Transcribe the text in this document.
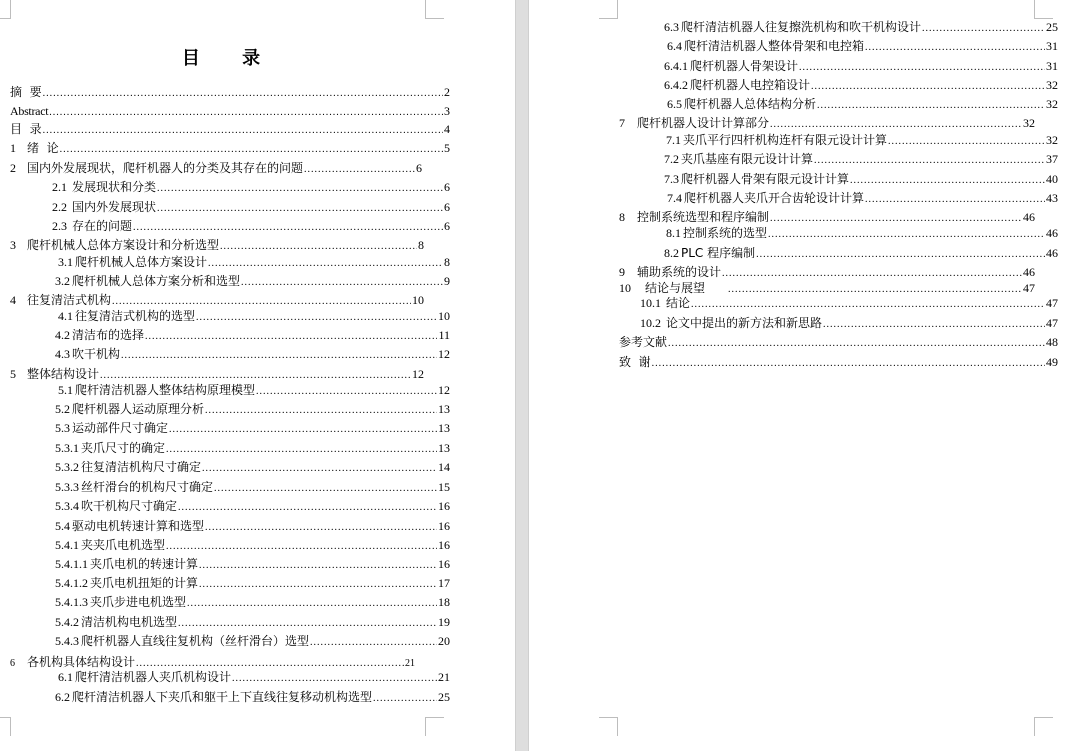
目 录
摘  要 .....	2
Abstract .....	3
目  录 .....	4
1 绪  论 .....	5
2 国内外发展现状，爬杆机器人的分类及其存在的问题 .....	6
2.1 发展现状和分类 .....	6
2.2 国内外发展现状 .....	6
2.3 存在的问题 .....	6
3 爬杆机械人总体方案设计和分析选型 .....	8
3.1 爬杆机械人总体方案设计 .....	8
3.2 爬杆机械人总体方案分析和选型 .....	9
4 往复清洁式机构 .....	10
4.1 往复清洁式机构的选型 .....	10
4.2 清洁布的选择 .....	11
4.3 吹干机构 .....	12
5 整体结构设计 .....	12
5.1 爬杆清洁机器人整体结构原理模型 .....	12
5.2 爬杆机器人运动原理分析 .....	13
5.3 运动部件尺寸确定 .....	13
5.3.1 夹爪尺寸的确定 .....	13
5.3.2 往复清洁机构尺寸确定 .....	14
5.3.3 丝杆滑台的机构尺寸确定 .....	15
5.3.4 吹干机构尺寸确定 .....	16
5.4 驱动电机转速计算和选型 .....	16
5.4.1 夹夹爪电机选型 .....	16
5.4.1.1 夹爪电机的转速计算 .....	16
5.4.1.2 夹爪电机扭矩的计算 .....	17
5.4.1.3 夹爪步进电机选型 .....	18
5.4.2 清洁机构电机选型 .....	19
5.4.3 爬杆机器人直线往复机构（丝杆滑台）选型 .....	20
6	各机构具体结构设计 .....	21
6.1 爬杆清洁机器人夹爪机构设计 .....	21
6.2 爬杆清洁机器人下夹爪和躯干上下直线往复移动机构选型 .....	25
6.3 爬杆清洁机器人往复擦洗机构和吹干机构设计 .....	25
6.4 爬杆清洁机器人整体骨架和电控箱 .....	31
6.4.1 爬杆机器人骨架设计 .....	31
6.4.2 爬杆机器人电控箱设计 .....	32
6.5 爬杆机器人总体结构分析 .....	32
7	爬杆机器人设计计算部分 .....	32
7.1 夹爪平行四杆机构连杆有限元设计计算 .....	32
7.2 夹爪基座有限元设计计算 .....	37
7.3 爬杆机器人骨架有限元设计计算 .....	40
7.4 爬杆机器人夹爪开合齿轮设计计算 .....	43
8	控制系统选型和程序编制 .....	46
8.1 控制系统的选型 .....	46
8.2 PLC 程序编制 .....	46
9	辅助系统的设计 .....	46
10	结论与展望 .....	47
10.1 结论 .....	47
10.2 论文中提出的新方法和新思路 .....	47
参考文献 .....	48
致  谢 .....	49
